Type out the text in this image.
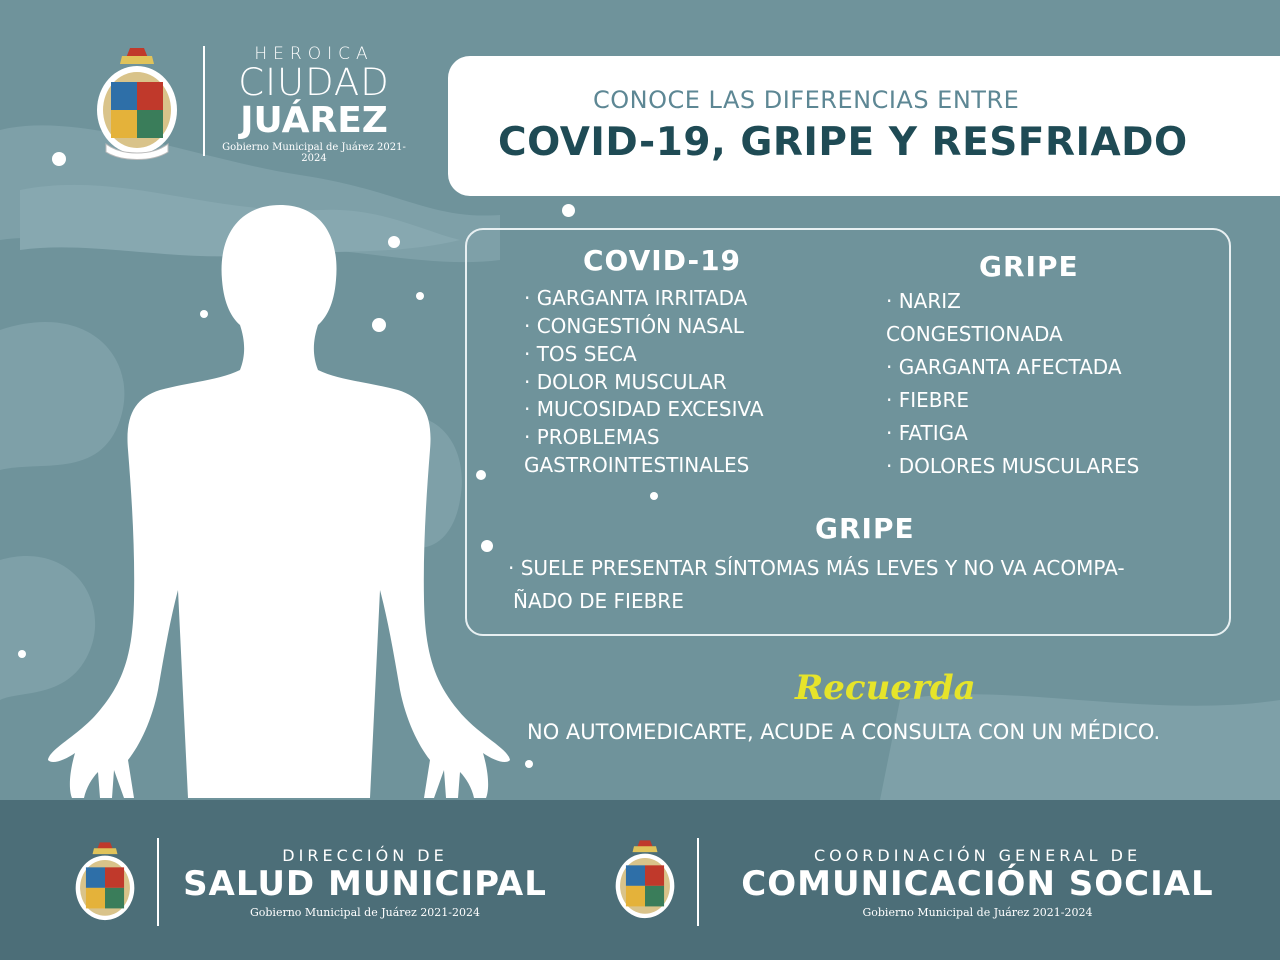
HEROICA
CIUDAD
JUÁREZ
Gobierno Municipal de Juárez 2021-2024
CONOCE LAS DIFERENCIAS ENTRE
COVID-19, GRIPE Y RESFRIADO
COVID-19
· GARGANTA IRRITADA
· CONGESTIÓN NASAL
· TOS SECA
· DOLOR MUSCULAR
· MUCOSIDAD EXCESIVA
· PROBLEMAS
GASTROINTESTINALES
GRIPE
· NARIZ
CONGESTIONADA
· GARGANTA AFECTADA
· FIEBRE
· FATIGA
· DOLORES MUSCULARES
GRIPE
· SUELE PRESENTAR SÍNTOMAS MÁS LEVES Y NO VA ACOMPA-
ÑADO DE FIEBRE
Recuerda
NO AUTOMEDICARTE, ACUDE A CONSULTA CON UN MÉDICO.
DIRECCIÓN DE
SALUD MUNICIPAL
Gobierno Municipal de Juárez 2021-2024
COORDINACIÓN GENERAL DE
COMUNICACIÓN SOCIAL
Gobierno Municipal de Juárez 2021-2024
